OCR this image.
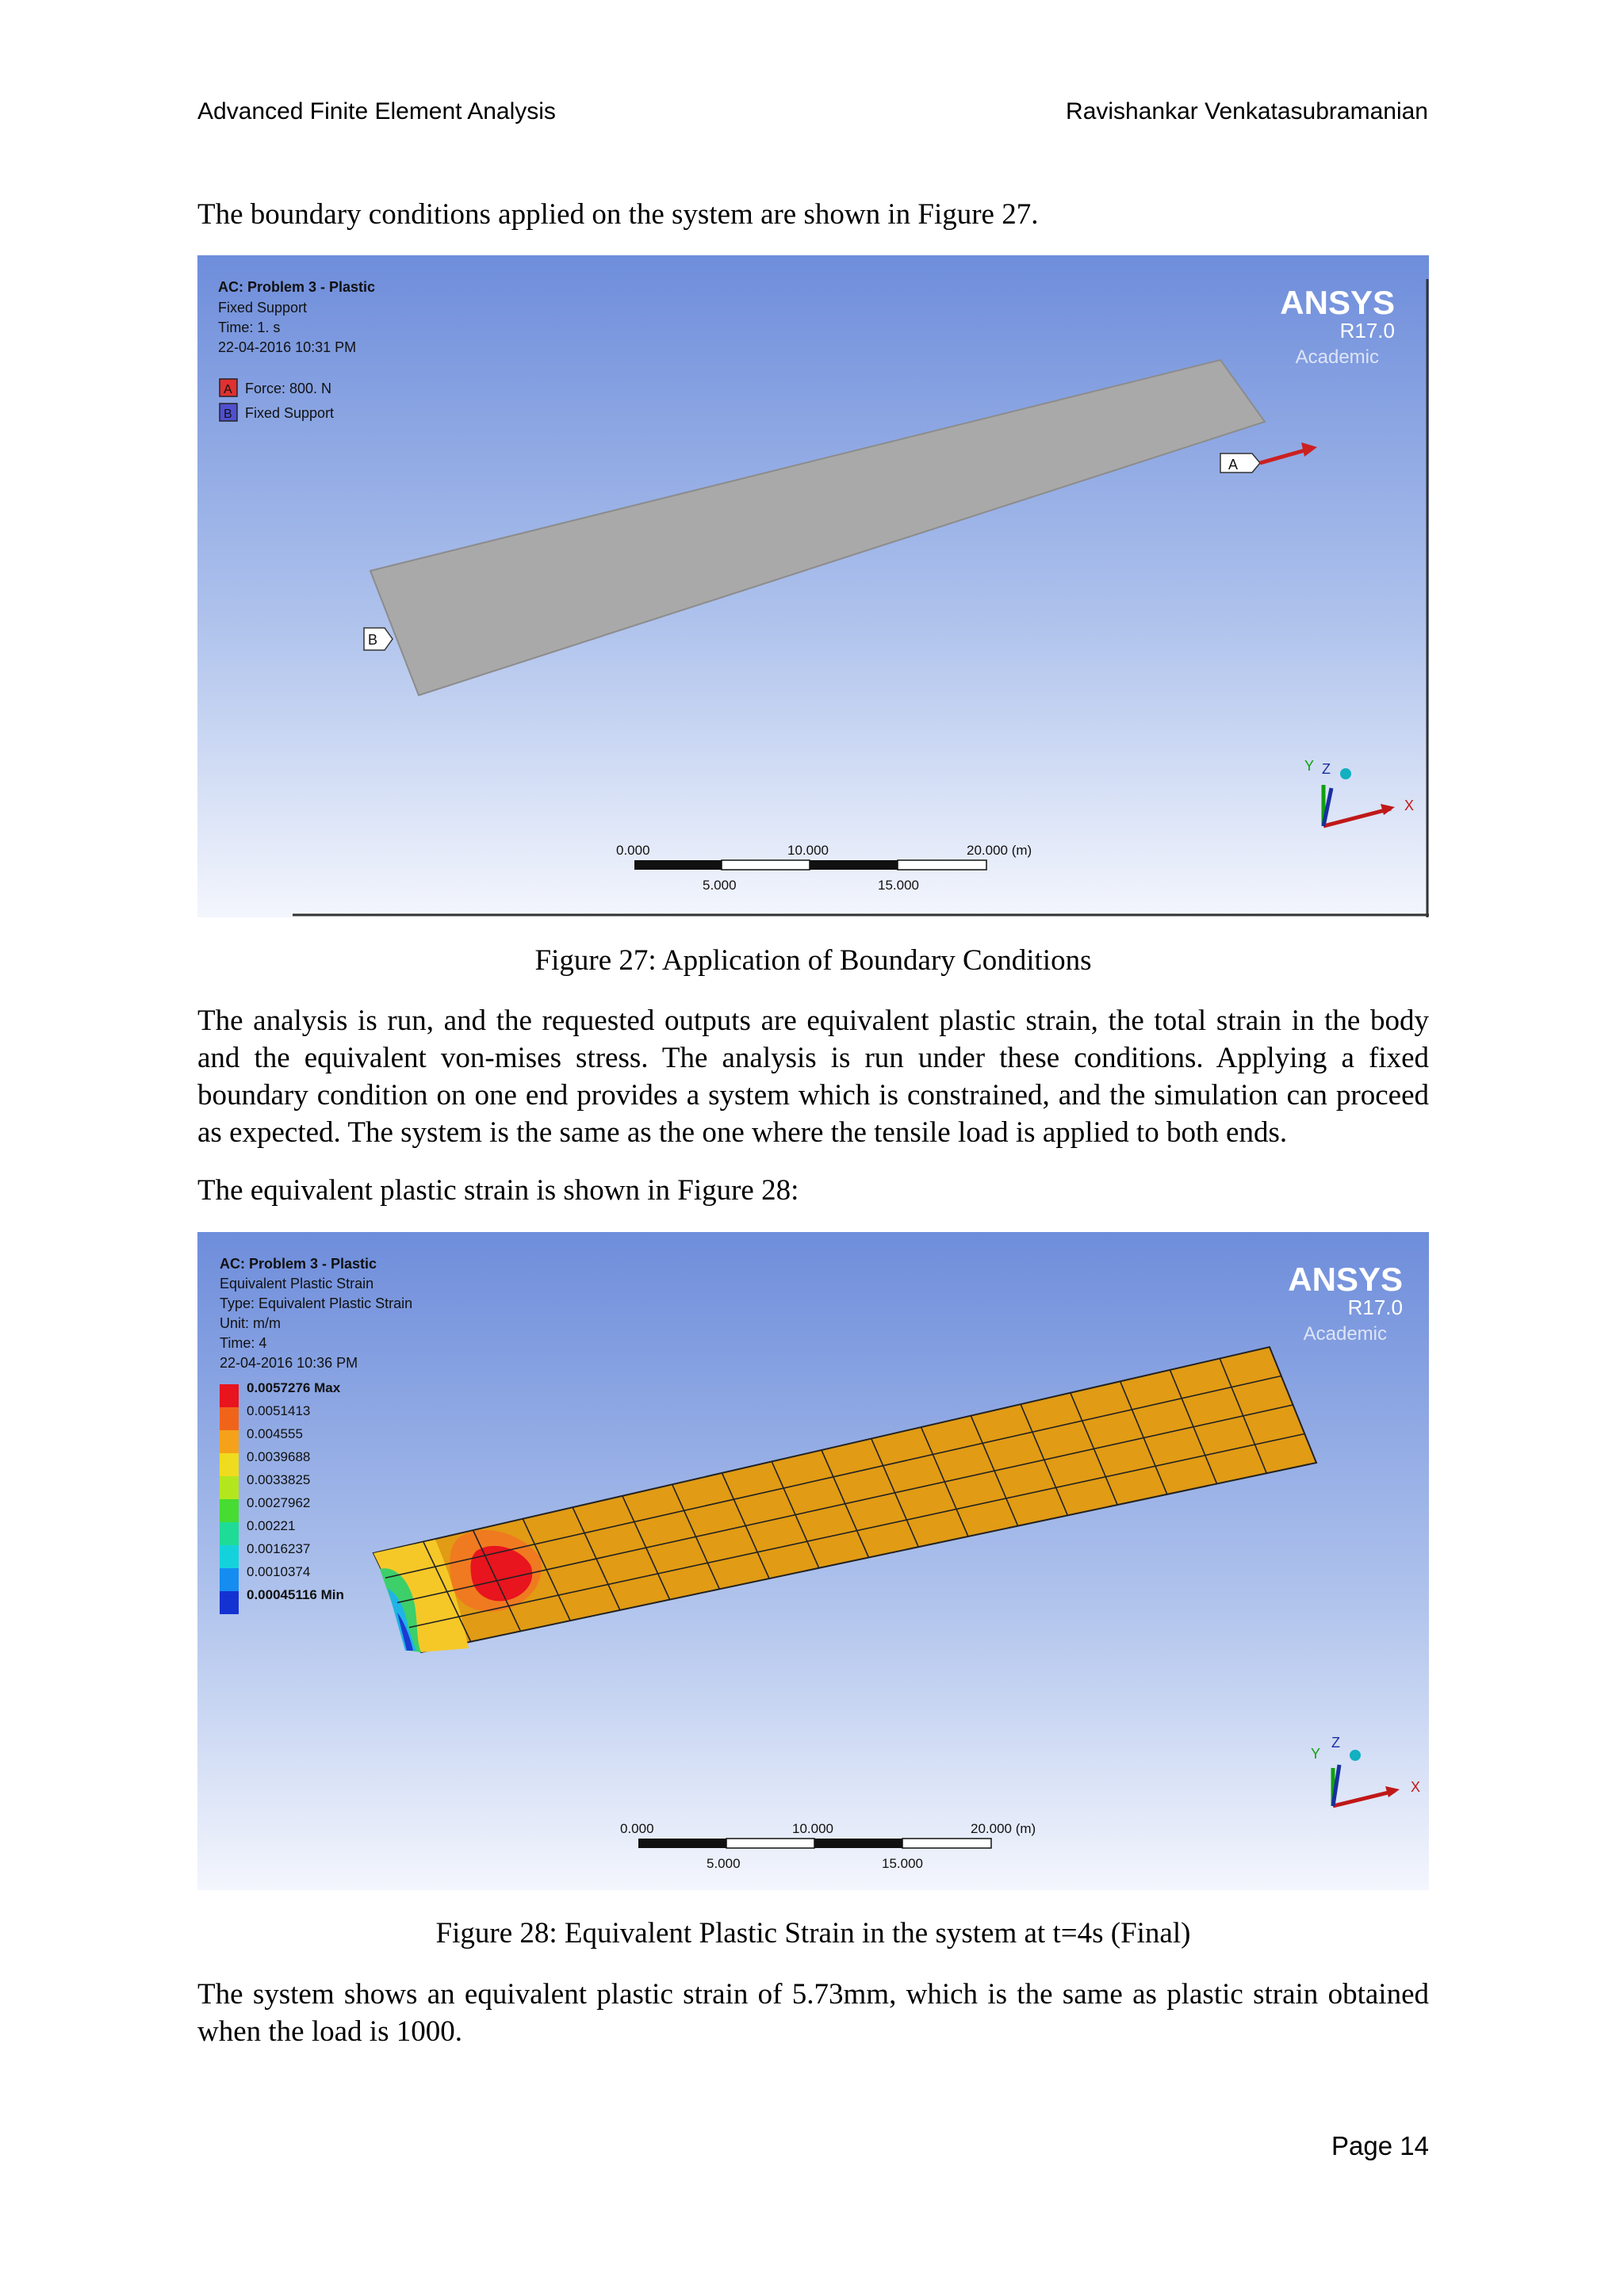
Advanced Finite Element Analysis	Ravishankar Venkatasubramanian
The boundary conditions applied on the system are shown in Figure 27.
AC: Problem 3 - Plastic
Fixed Support
Time: 1. s
22-04-2016 10:31 PM
A Force: 800. N
B Fixed Support
ANSYS
R17.0
Academic
A
B
X
Y Z
0.000	10.000	20.000 (m)
5.000	15.000
Figure 27: Application of Boundary Conditions
The analysis is run, and the requested outputs are equivalent plastic strain, the total strain in the body and the equivalent von-mises stress. The analysis is run under these conditions. Applying a fixed boundary condition on one end provides a system which is constrained, and the simulation can proceed as expected. The system is the same as the one where the tensile load is applied to both ends.
The equivalent plastic strain is shown in Figure 28:
AC: Problem 3 - Plastic
Equivalent Plastic Strain
Type: Equivalent Plastic Strain
Unit: m/m
Time: 4
22-04-2016 10:36 PM
0.0057276 Max
0.0051413
0.004555
0.0039688
0.0033825
0.0027962
0.00221
0.0016237
0.0010374
0.00045116 Min
ANSYS
R17.0
Academic
X
Y
Z
0.000	10.000	20.000 (m)
5.000	15.000
Figure 28: Equivalent Plastic Strain in the system at t=4s (Final)
The system shows an equivalent plastic strain of 5.73mm, which is the same as plastic strain obtained when the load is 1000.
Page 14
